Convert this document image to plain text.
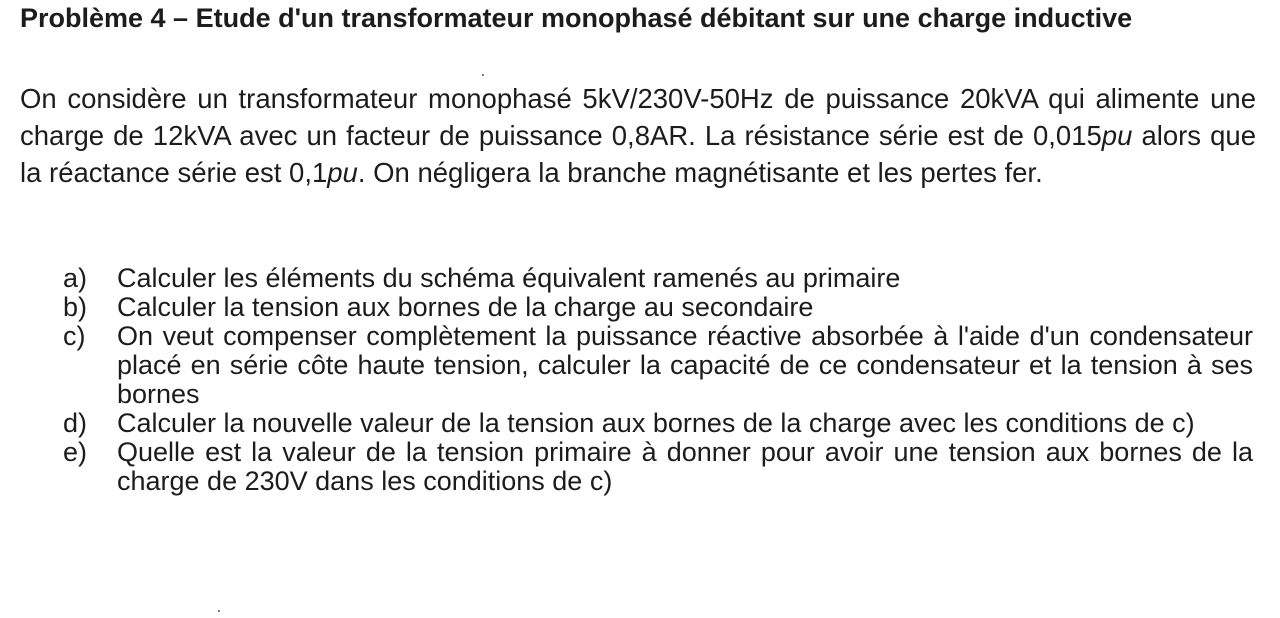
Problème 4 – Etude d'un transformateur monophasé débitant sur une charge inductive

On considère un transformateur monophasé 5kV/230V-50Hz de puissance 20kVA qui alimente une charge de 12kVA avec un facteur de puissance 0,8AR. La résistance série est de 0,015pu alors que la réactance série est 0,1pu. On négligera la branche magnétisante et les pertes fer.

a)	Calculer les éléments du schéma équivalent ramenés au primaire
b)	Calculer la tension aux bornes de la charge au secondaire
c)	On veut compenser complètement la puissance réactive absorbée à l'aide d'un condensateur placé en série côte haute tension, calculer la capacité de ce condensateur et la tension à ses bornes
d)	Calculer la nouvelle valeur de la tension aux bornes de la charge avec les conditions de c)
e)	Quelle est la valeur de la tension primaire à donner pour avoir une tension aux bornes de la charge de 230V dans les conditions de c)
